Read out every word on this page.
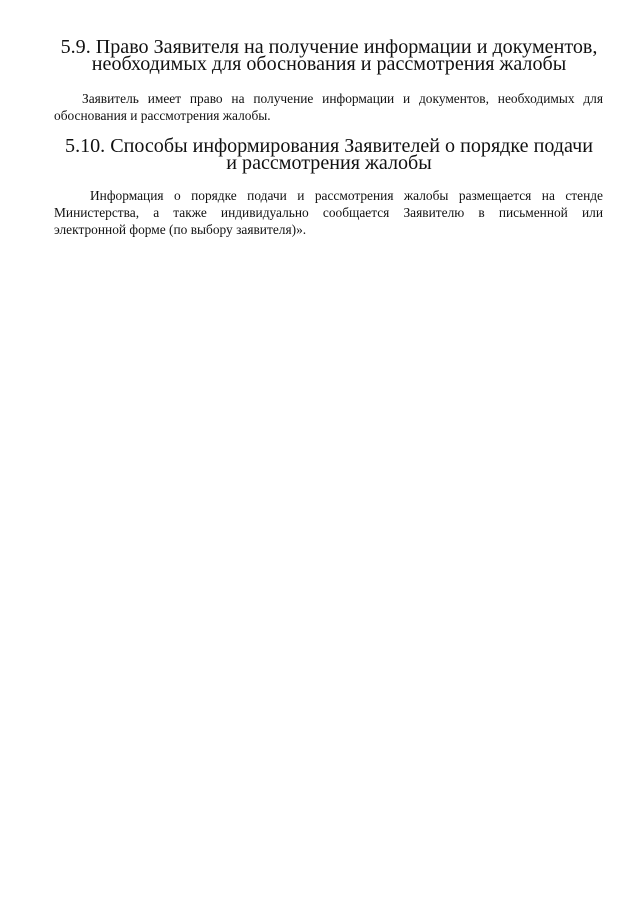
5.9. Право Заявителя на получение информации и документов,
необходимых для обоснования и рассмотрения жалобы

Заявитель имеет право на получение информации и документов, необходимых для
обоснования и рассмотрения жалобы.

5.10. Способы информирования Заявителей о порядке подачи
и рассмотрения жалобы

Информация о порядке подачи и рассмотрения жалобы размещается на стенде
Министерства, а также индивидуально сообщается Заявителю в письменной или
электронной форме (по выбору заявителя)».
